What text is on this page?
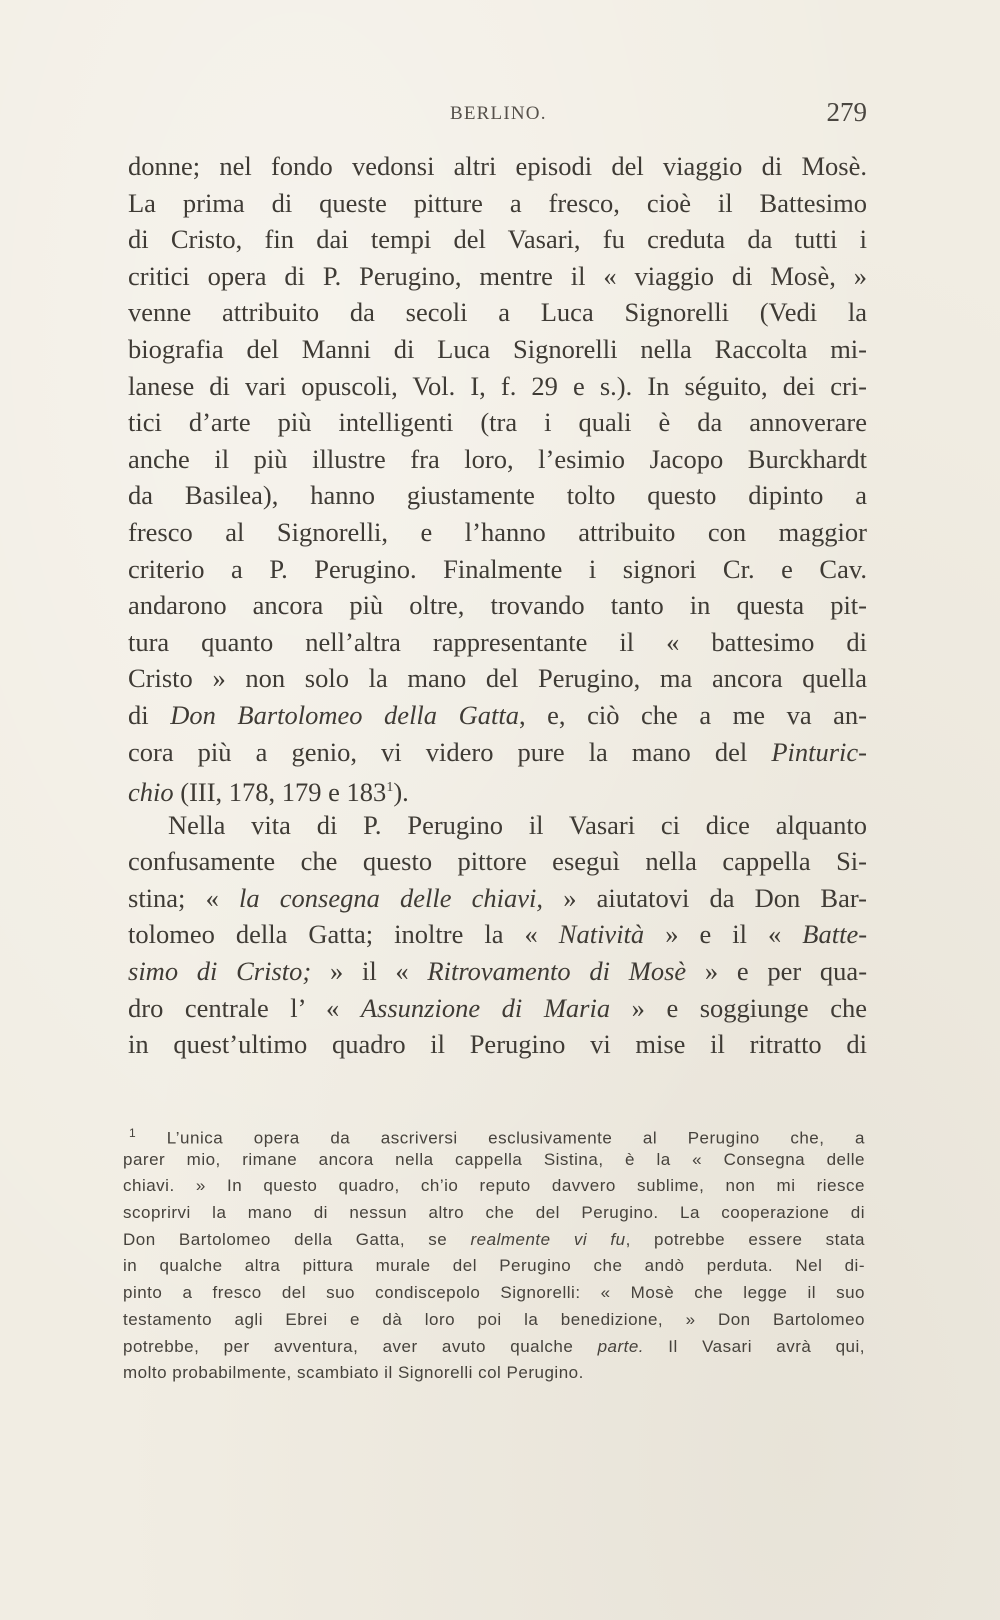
BERLINO.	279
donne; nel fondo vedonsi altri episodi del viaggio di Mosè.
La prima di queste pitture a fresco, cioè il Battesimo
di Cristo, fin dai tempi del Vasari, fu creduta da tutti i
critici opera di P. Perugino, mentre il « viaggio di Mosè, »
venne attribuito da secoli a Luca Signorelli (Vedi la
biografia del Manni di Luca Signorelli nella Raccolta mi-
lanese di vari opuscoli, Vol. I, f. 29 e s.). In séguito, dei cri-
tici d’arte più intelligenti (tra i quali è da annoverare
anche il più illustre fra loro, l’esimio Jacopo Burckhardt
da Basilea), hanno giustamente tolto questo dipinto a
fresco al Signorelli, e l’hanno attribuito con maggior
criterio a P. Perugino. Finalmente i signori Cr. e Cav.
andarono ancora più oltre, trovando tanto in questa pit-
tura quanto nell’altra rappresentante il « battesimo di
Cristo » non solo la mano del Perugino, ma ancora quella
di Don Bartolomeo della Gatta, e, ciò che a me va an-
cora più a genio, vi videro pure la mano del Pinturic-
chio (III, 178, 179 e $183^1$).
Nella vita di P. Perugino il Vasari ci dice alquanto
confusamente che questo pittore eseguì nella cappella Si-
stina; « la consegna delle chiavi, » aiutatovi da Don Bar-
tolomeo della Gatta; inoltre la « Natività » e il « Batte-
simo di Cristo; » il « Ritrovamento di Mosè » e per qua-
dro centrale l’ « Assunzione di Maria » e soggiunge che
in quest’ultimo quadro il Perugino vi mise il ritratto di
$^1$ L’unica opera da ascriversi esclusivamente al Perugino che, a
parer mio, rimane ancora nella cappella Sistina, è la « Consegna delle
chiavi. » In questo quadro, ch’io reputo davvero sublime, non mi riesce
scoprirvi la mano di nessun altro che del Perugino. La cooperazione di
Don Bartolomeo della Gatta, se realmente vi fu, potrebbe essere stata
in qualche altra pittura murale del Perugino che andò perduta. Nel di-
pinto a fresco del suo condiscepolo Signorelli: « Mosè che legge il suo
testamento agli Ebrei e dà loro poi la benedizione, » Don Bartolomeo
potrebbe, per avventura, aver avuto qualche parte. Il Vasari avrà qui,
molto probabilmente, scambiato il Signorelli col Perugino.
